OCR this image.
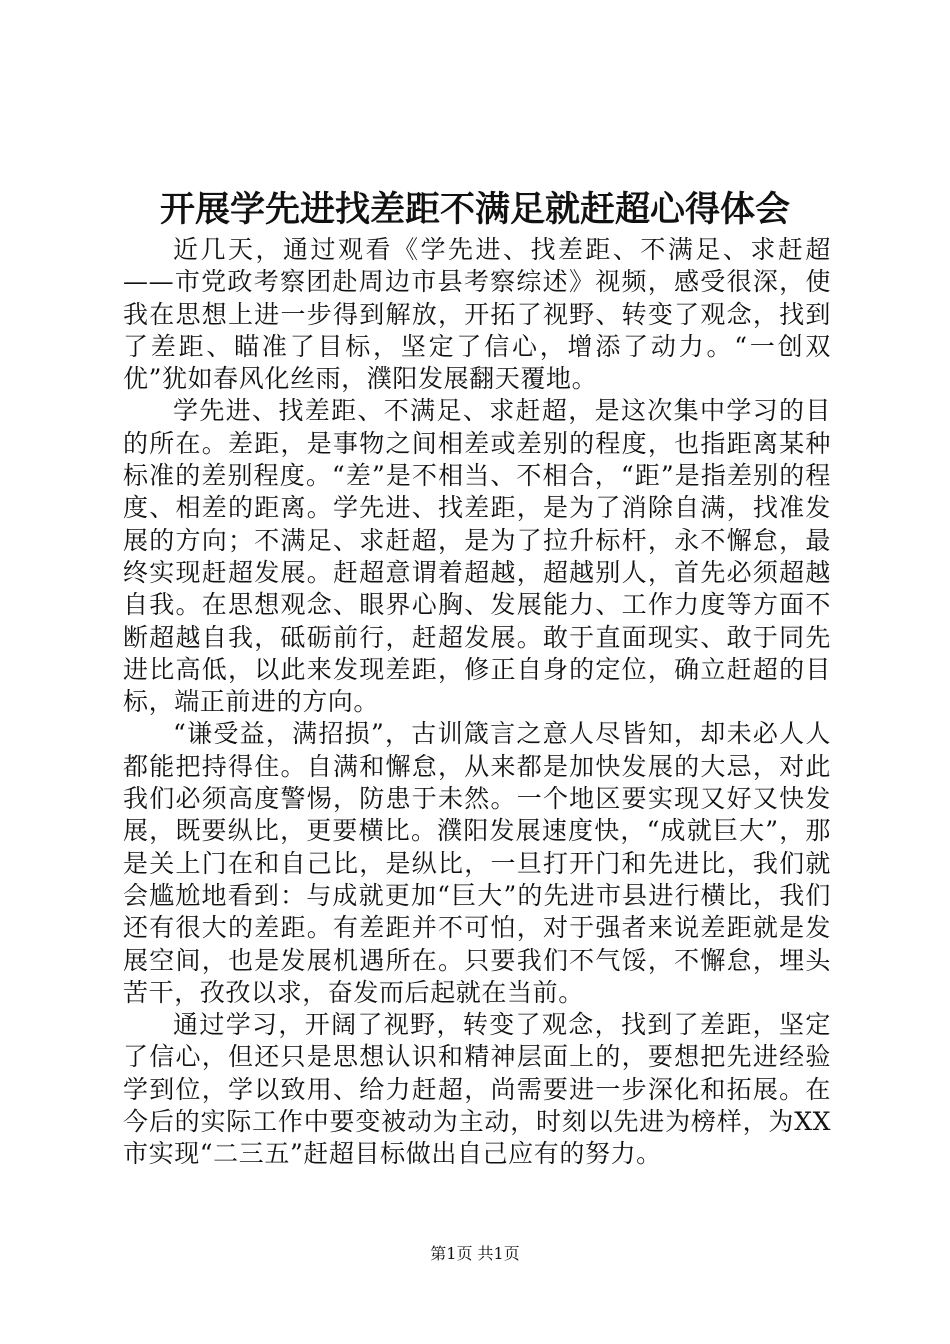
开展学先进找差距不满足就赶超心得体会

近几天，通过观看《学先进、找差距、不满足、求赶超——市党政考察团赴周边市县考察综述》视频，感受很深，使我在思想上进一步得到解放，开拓了视野、转变了观念，找到了差距、瞄准了目标，坚定了信心，增添了动力。“一创双优”犹如春风化丝雨，濮阳发展翻天覆地。

学先进、找差距、不满足、求赶超，是这次集中学习的目的所在。差距，是事物之间相差或差别的程度，也指距离某种标准的差别程度。“差”是不相当、不相合，“距”是指差别的程度、相差的距离。学先进、找差距，是为了消除自满，找准发展的方向；不满足、求赶超，是为了拉升标杆，永不懈怠，最终实现赶超发展。赶超意谓着超越，超越别人，首先必须超越自我。在思想观念、眼界心胸、发展能力、工作力度等方面不断超越自我，砥砺前行，赶超发展。敢于直面现实、敢于同先进比高低，以此来发现差距，修正自身的定位，确立赶超的目标，端正前进的方向。

“谦受益，满招损”，古训箴言之意人尽皆知，却未必人人都能把持得住。自满和懈怠，从来都是加快发展的大忌，对此我们必须高度警惕，防患于未然。一个地区要实现又好又快发展，既要纵比，更要横比。濮阳发展速度快，“成就巨大”，那是关上门在和自己比，是纵比，一旦打开门和先进比，我们就会尴尬地看到：与成就更加“巨大”的先进市县进行横比，我们还有很大的差距。有差距并不可怕，对于强者来说差距就是发展空间，也是发展机遇所在。只要我们不气馁，不懈怠，埋头苦干，孜孜以求，奋发而后起就在当前。

通过学习，开阔了视野，转变了观念，找到了差距，坚定了信心，但还只是思想认识和精神层面上的，要想把先进经验学到位，学以致用、给力赶超，尚需要进一步深化和拓展。在今后的实际工作中要变被动为主动，时刻以先进为榜样，为XX市实现“二三五”赶超目标做出自己应有的努力。

第1页 共1页
